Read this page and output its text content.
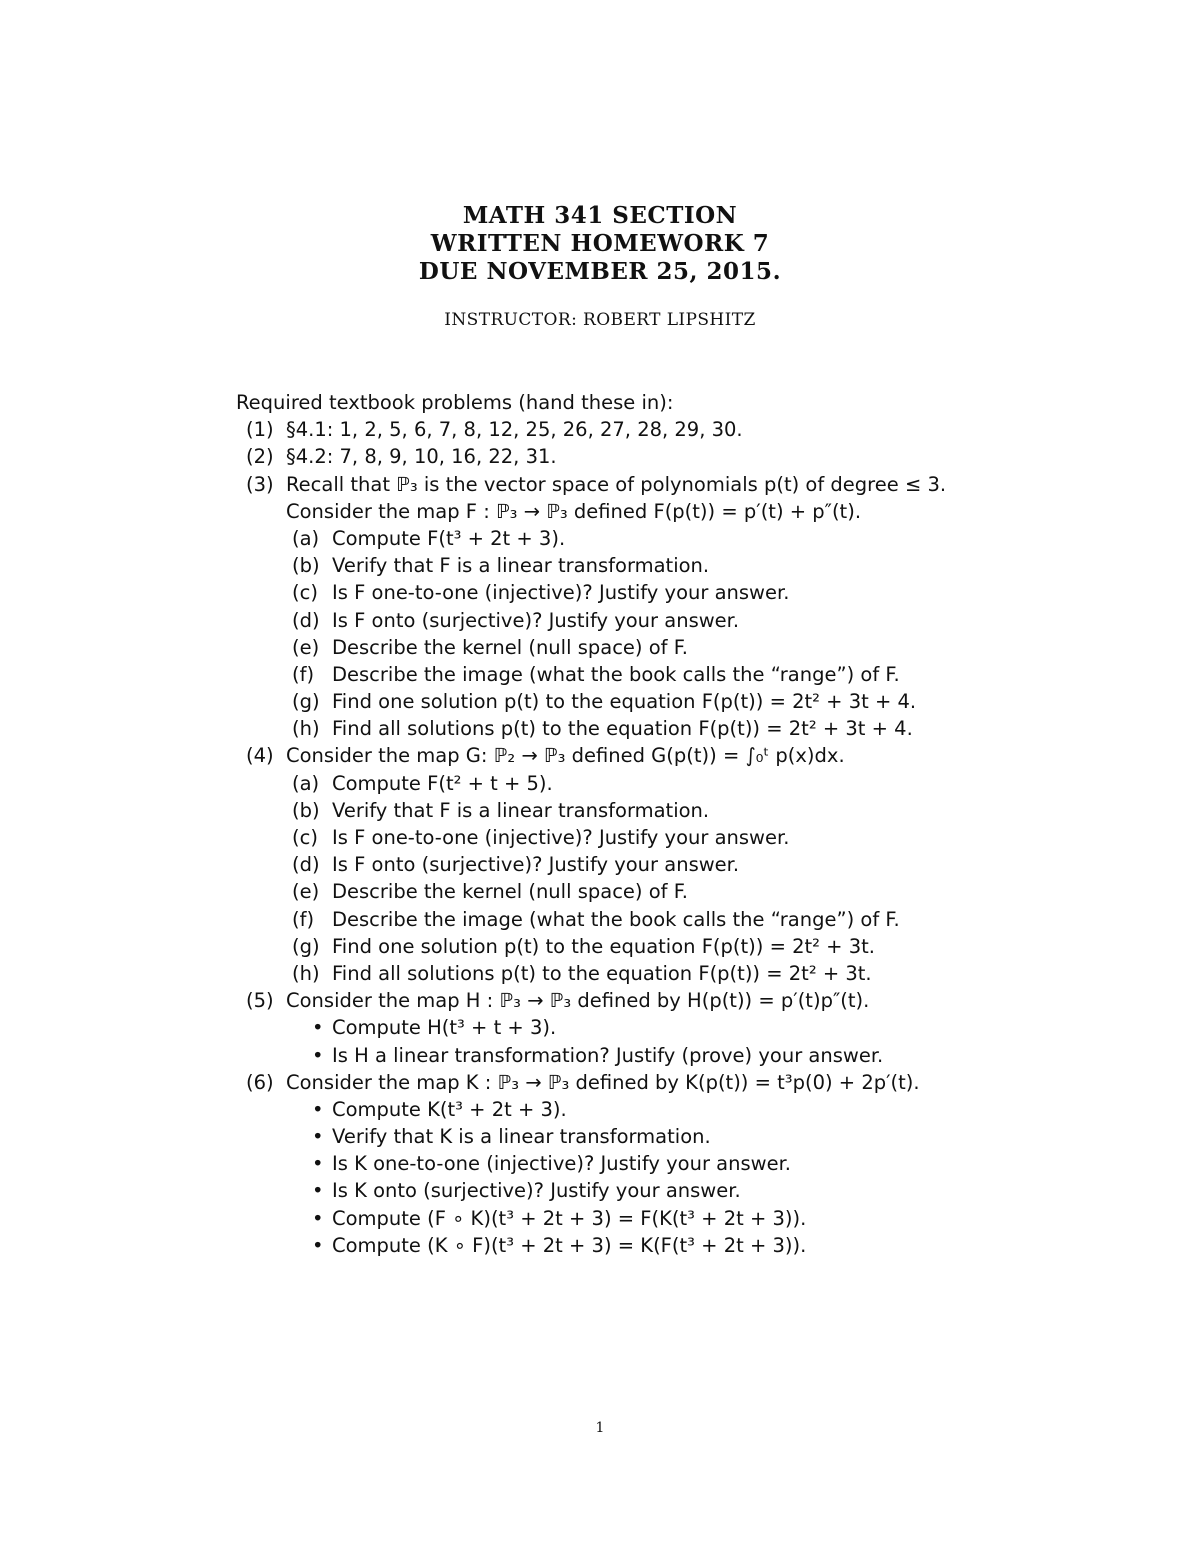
MATH 341 SECTION
WRITTEN HOMEWORK 7
DUE NOVEMBER 25, 2015.
INSTRUCTOR: ROBERT LIPSHITZ
Required textbook problems (hand these in):
(1) §4.1: 1, 2, 5, 6, 7, 8, 12, 25, 26, 27, 28, 29, 30.
(2) §4.2: 7, 8, 9, 10, 16, 22, 31.
(3) Recall that ℙ₃ is the vector space of polynomials p(t) of degree ≤ 3.
Consider the map F : ℙ₃ → ℙ₃ defined F(p(t)) = p′(t) + p″(t).
(a) Compute F(t³ + 2t + 3).
(b) Verify that F is a linear transformation.
(c) Is F one-to-one (injective)? Justify your answer.
(d) Is F onto (surjective)? Justify your answer.
(e) Describe the kernel (null space) of F.
(f) Describe the image (what the book calls the “range”) of F.
(g) Find one solution p(t) to the equation F(p(t)) = 2t² + 3t + 4.
(h) Find all solutions p(t) to the equation F(p(t)) = 2t² + 3t + 4.
(4) Consider the map G: ℙ₂ → ℙ₃ defined G(p(t)) = ∫₀ᵗ p(x)dx.
(a) Compute F(t² + t + 5).
(b) Verify that F is a linear transformation.
(c) Is F one-to-one (injective)? Justify your answer.
(d) Is F onto (surjective)? Justify your answer.
(e) Describe the kernel (null space) of F.
(f) Describe the image (what the book calls the “range”) of F.
(g) Find one solution p(t) to the equation F(p(t)) = 2t² + 3t.
(h) Find all solutions p(t) to the equation F(p(t)) = 2t² + 3t.
(5) Consider the map H : ℙ₃ → ℙ₃ defined by H(p(t)) = p′(t)p″(t).
• Compute H(t³ + t + 3).
• Is H a linear transformation? Justify (prove) your answer.
(6) Consider the map K : ℙ₃ → ℙ₃ defined by K(p(t)) = t³p(0) + 2p′(t).
• Compute K(t³ + 2t + 3).
• Verify that K is a linear transformation.
• Is K one-to-one (injective)? Justify your answer.
• Is K onto (surjective)? Justify your answer.
• Compute (F ∘ K)(t³ + 2t + 3) = F(K(t³ + 2t + 3)).
• Compute (K ∘ F)(t³ + 2t + 3) = K(F(t³ + 2t + 3)).
1
